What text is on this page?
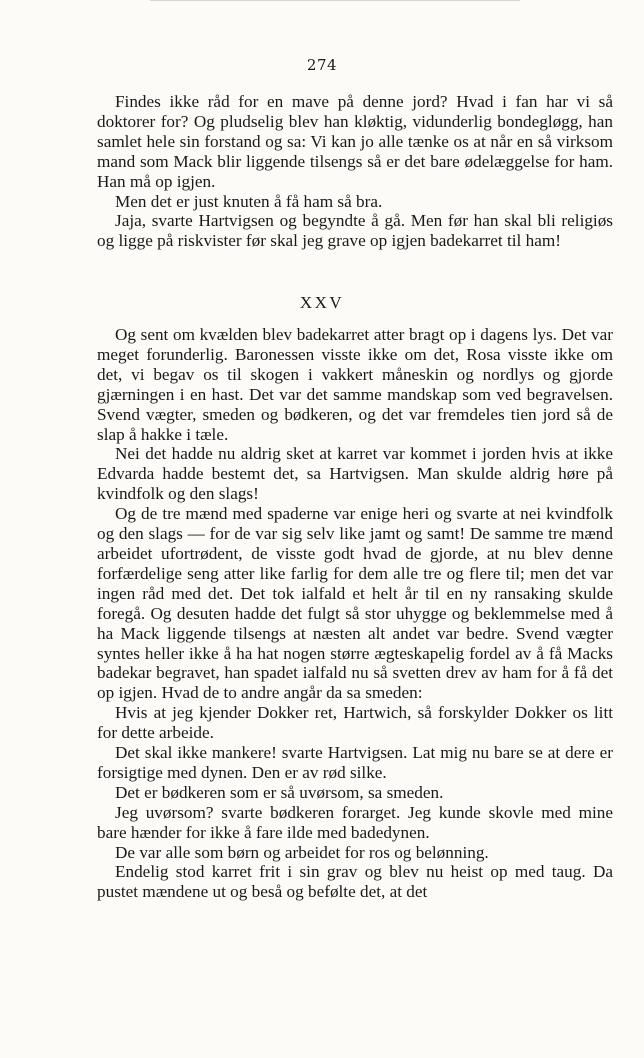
274

Findes ikke råd for en mave på denne jord? Hvad i fan har vi så doktorer for? Og pludselig blev han kløktig, vidunderlig bondegløgg, han samlet hele sin forstand og sa: Vi kan jo alle tænke os at når en så virksom mand som Mack blir liggende tilsengs så er det bare ødelæggelse for ham. Han må op igjen.

Men det er just knuten å få ham så bra.

Jaja, svarte Hartvigsen og begyndte å gå. Men før han skal bli religiøs og ligge på riskvister før skal jeg grave op igjen badekarret til ham!

XXV

Og sent om kvælden blev badekarret atter bragt op i dagens lys. Det var meget forunderlig. Baronessen visste ikke om det, Rosa visste ikke om det, vi begav os til skogen i vakkert måneskin og nordlys og gjorde gjærningen i en hast. Det var det samme mandskap som ved begravelsen. Svend vægter, smeden og bødkeren, og det var fremdeles tien jord så de slap å hakke i tæle.

Nei det hadde nu aldrig sket at karret var kommet i jorden hvis at ikke Edvarda hadde bestemt det, sa Hartvigsen. Man skulde aldrig høre på kvindfolk og den slags!

Og de tre mænd med spaderne var enige heri og svarte at nei kvindfolk og den slags — for de var sig selv like jamt og samt! De samme tre mænd arbeidet ufortrødent, de visste godt hvad de gjorde, at nu blev denne forfærdelige seng atter like farlig for dem alle tre og flere til; men det var ingen råd med det. Det tok ialfald et helt år til en ny ransaking skulde foregå. Og desuten hadde det fulgt så stor uhygge og beklemmelse med å ha Mack liggende tilsengs at næsten alt andet var bedre. Svend vægter syntes heller ikke å ha hat nogen større ægteskapelig fordel av å få Macks badekar begravet, han spadet ialfald nu så svetten drev av ham for å få det op igjen. Hvad de to andre angår da sa smeden:

Hvis at jeg kjender Dokker ret, Hartwich, så forskylder Dokker os litt for dette arbeide.

Det skal ikke mankere! svarte Hartvigsen. Lat mig nu bare se at dere er forsigtige med dynen. Den er av rød silke.

Det er bødkeren som er så uvørsom, sa smeden.

Jeg uvørsom? svarte bødkeren forarget. Jeg kunde skovle med mine bare hænder for ikke å fare ilde med badedynen.

De var alle som børn og arbeidet for ros og belønning.

Endelig stod karret frit i sin grav og blev nu heist op med taug. Da pustet mændene ut og beså og befølte det, at det
